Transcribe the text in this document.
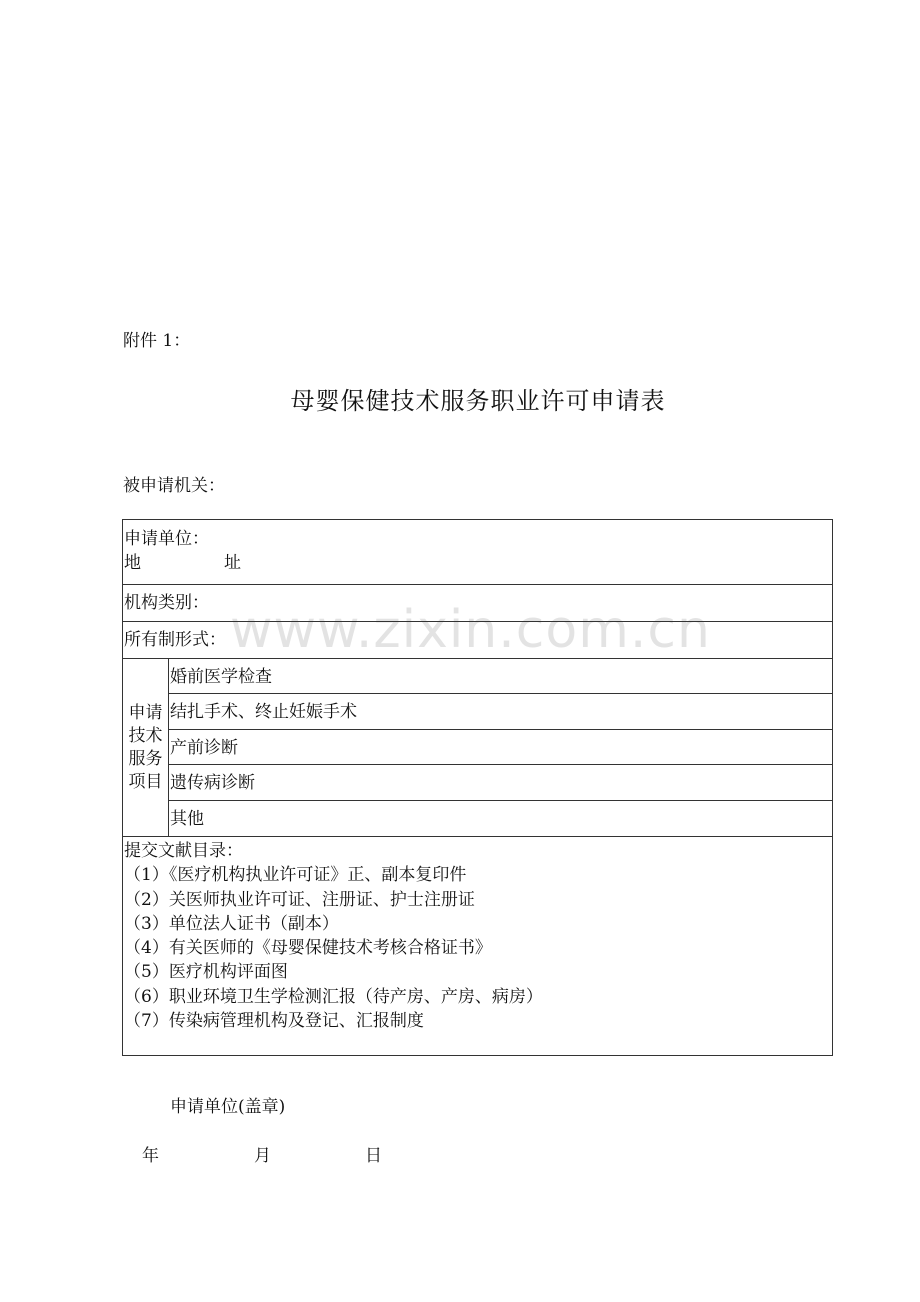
www.zixin.com.cn
附件 1：
母婴保健技术服务职业许可申请表
被申请机关：
申请单位：
地	址
机构类别：
所有制形式：
申请技术服务项目
婚前医学检查
结扎手术、终止妊娠手术
产前诊断
遗传病诊断
其他
提交文献目录：
（1）《医疗机构执业许可证》正、副本复印件
（2）关医师执业许可证、注册证、护士注册证
（3）单位法人证书（副本）
（4）有关医师的《母婴保健技术考核合格证书》
（5）医疗机构评面图
（6）职业环境卫生学检测汇报（待产房、产房、病房）
（7）传染病管理机构及登记、汇报制度
申请单位(盖章)
年	月	日
